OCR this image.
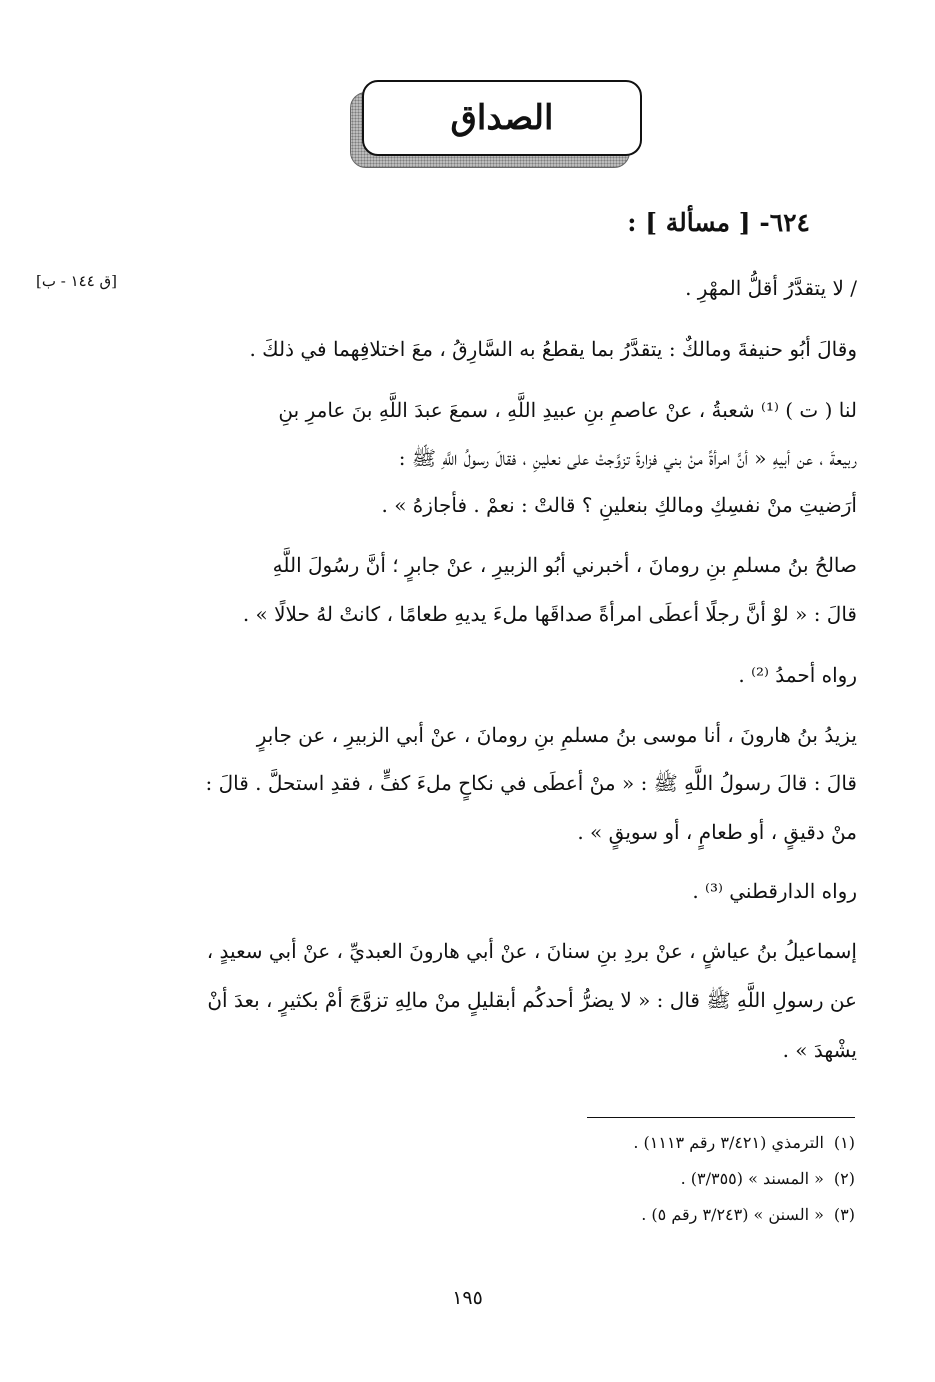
الصداق
٦٢٤- [ مسألة ] :
[ق ١٤٤ - ب]	/ لا يتقدَّرُ أقلُّ المهْرِ .
وقالَ أبُو حنيفةَ ومالكٌ : يتقدَّرُ بما يقطعُ به السَّارِقُ ، معَ اختلافِهما في ذلكَ .
لنا ( ت ) ⁽¹⁾ شعبةُ ، عنْ عاصمِ بنِ عبيدِ اللَّهِ ، سمعَ عبدَ اللَّهِ بنَ عامرِ بنِ
ربيعةَ ، عن أبيهِ « أنَّ امرأةً منْ بني فزارةَ تزوَّجتْ على نعلينِ ، فقالَ رسولُ اللَّهِ ﷺ :
أرَضيتِ منْ نفسِكِ ومالكِ بنعلينِ ؟ قالتْ : نعمْ . فأجازهُ » .
صالحُ بنُ مسلمِ بنِ رومانَ ، أخبرني أبُو الزبيرِ ، عنْ جابرٍ ؛ أنَّ رسُولَ اللَّهِ
قالَ : « لوْ أنَّ رجلًا أعطَى امرأةً صداقَها ملءَ يديهِ طعامًا ، كانتْ لهُ حلالًا » .
رواه أحمدُ ⁽²⁾ .
يزيدُ بنُ هارونَ ، أنا موسى بنُ مسلمِ بنِ رومانَ ، عنْ أبي الزبيرِ ، عن جابرٍ
قالَ : قالَ رسولُ اللَّهِ ﷺ : « منْ أعطَى في نكاحٍ ملءَ كفٍّ ، فقدِ استحلَّ . قالَ :
منْ دقيقٍ ، أو طعامٍ ، أو سويقٍ » .
رواه الدارقطني ⁽³⁾ .
إسماعيلُ بنُ عياشٍ ، عنْ بردِ بنِ سنانَ ، عنْ أبي هارونَ العبديِّ ، عنْ أبي سعيدٍ ،
عن رسولِ اللَّهِ ﷺ قال : « لا يضرُّ أحدكُم أبقليلٍ منْ مالِهِ تزوَّجَ أمْ بكثيرٍ ، بعدَ أنْ
يشْهدَ » .
(١)الترمذي (٣/٤٢١ رقم ١١١٣) .
(٢)« المسند » (٣/٣٥٥) .
(٣)« السنن » (٣/٢٤٣ رقم ٥) .
١٩٥
